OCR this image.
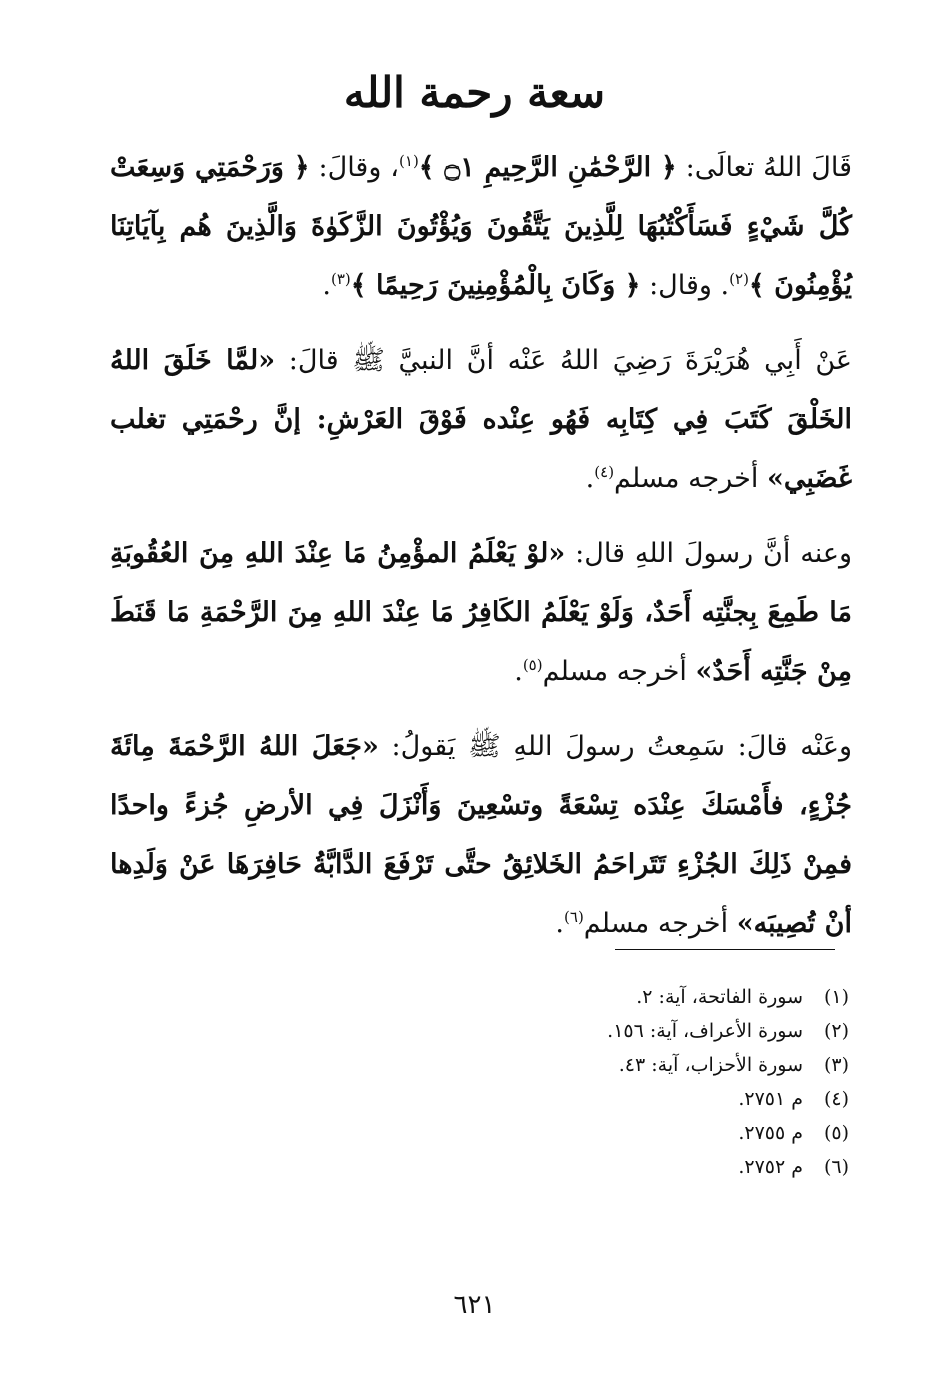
سعة رحمة الله

قَالَ اللهُ تعالَى: ﴿ الرَّحْمَٰنِ الرَّحِيمِ ۝١ ﴾$^{(١)}$، وقالَ: ﴿ وَرَحْمَتِي وَسِعَتْ كُلَّ شَيْءٍ فَسَأَكْتُبُهَا لِلَّذِينَ يَتَّقُونَ وَيُؤْتُونَ الزَّكَوٰةَ وَالَّذِينَ هُم بِآيَاتِنَا يُؤْمِنُونَ ﴾$^{(٢)}$. وقال: ﴿ وَكَانَ بِالْمُؤْمِنِينَ رَحِيمًا ﴾$^{(٣)}$.

عَنْ أَبِي هُرَيْرَةَ رَضِيَ اللهُ عَنْه أنَّ النبيَّ ﷺ قالَ: «لمَّا خَلَقَ اللهُ الخَلْقَ كَتَبَ فِي كِتَابِه فَهُو عِنْده فَوْقَ العَرْشِ: إنَّ رحْمَتِي تغلب غَضَبِي» أخرجه مسلم$^{(٤)}$.

وعنه أنَّ رسولَ اللهِ قال: «لوْ يَعْلَمُ المؤْمِنُ مَا عِنْدَ اللهِ مِنَ العُقُوبَةِ مَا طَمِعَ بِجنَّتِه أَحَدٌ، وَلَوْ يَعْلَمُ الكَافِرُ مَا عِنْدَ اللهِ مِنَ الرَّحْمَةِ مَا قَنَطَ مِنْ جَنَّتِه أَحَدٌ» أخرجه مسلم$^{(٥)}$.

وعَنْه قالَ: سَمِعتُ رسولَ اللهِ ﷺ يَقولُ: «جَعَلَ اللهُ الرَّحْمَةَ مِائَةَ جُزْءٍ، فأَمْسَكَ عِنْدَه تِسْعَةً وتسْعِينَ وَأَنْزَلَ فِي الأرضِ جُزءً واحدًا فمِنْ ذَلِكَ الجُزْءِ تَتَراحَمُ الخَلائِقُ حتَّى تَرْفَعَ الدَّابَّةُ حَافِرَهَا عَنْ وَلَدِها أنْ تُصِيبَه» أخرجه مسلم$^{(٦)}$.

(١)سورة الفاتحة، آية: ٢.
(٢)سورة الأعراف، آية: ١٥٦.
(٣)سورة الأحزاب، آية: ٤٣.
(٤)م ٢٧٥١.
(٥)م ٢٧٥٥.
(٦)م ٢٧٥٢.
٦٢١
